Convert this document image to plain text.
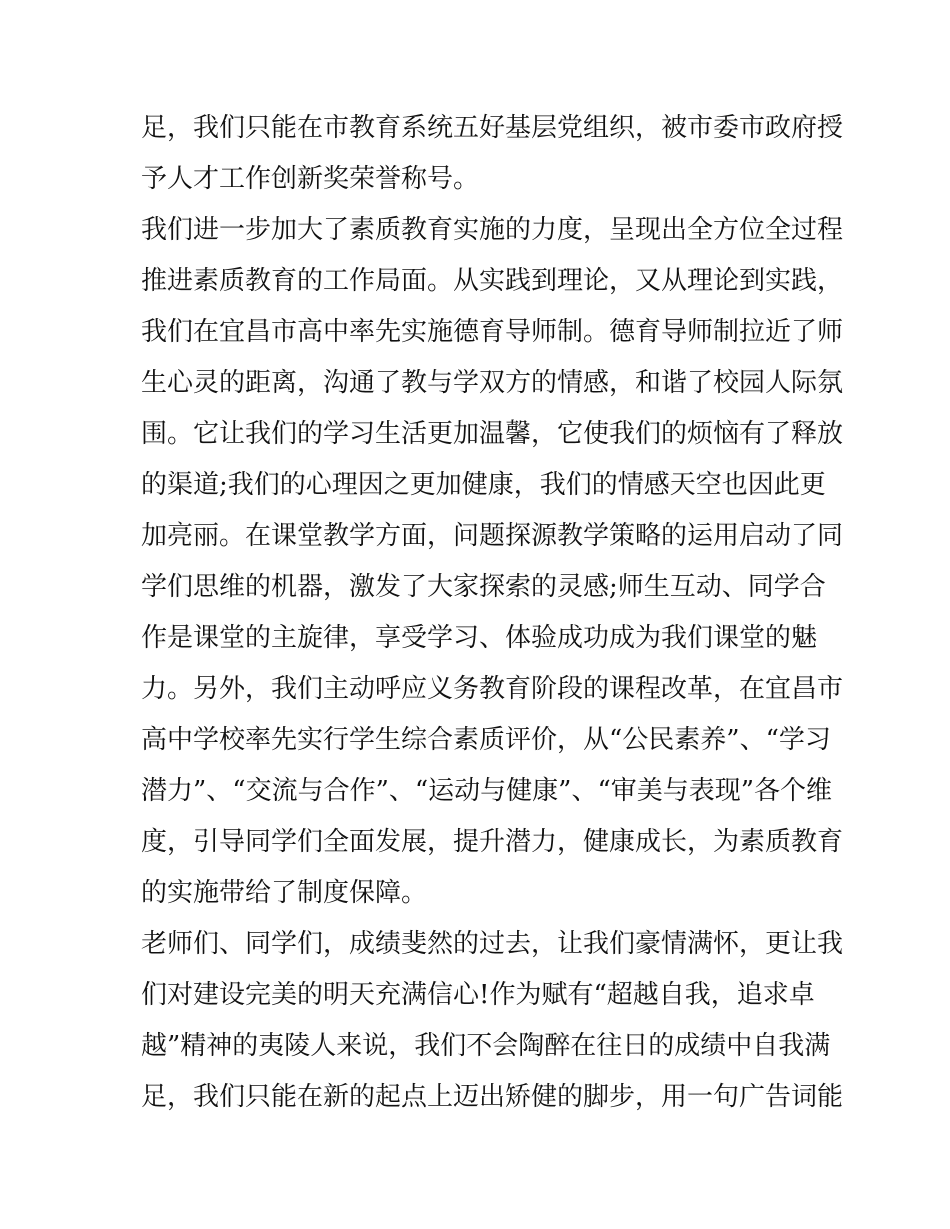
足，我们只能在市教育系统五好基层党组织，被市委市政府授
予人才工作创新奖荣誉称号。
我们进一步加大了素质教育实施的力度，呈现出全方位全过程
推进素质教育的工作局面。从实践到理论，又从理论到实践，
我们在宜昌市高中率先实施德育导师制。德育导师制拉近了师
生心灵的距离，沟通了教与学双方的情感，和谐了校园人际氛
围。它让我们的学习生活更加温馨，它使我们的烦恼有了释放
的渠道;我们的心理因之更加健康，我们的情感天空也因此更
加亮丽。在课堂教学方面，问题探源教学策略的运用启动了同
学们思维的机器，激发了大家探索的灵感;师生互动、同学合
作是课堂的主旋律，享受学习、体验成功成为我们课堂的魅
力。另外，我们主动呼应义务教育阶段的课程改革，在宜昌市
高中学校率先实行学生综合素质评价，从“公民素养”、“学习
潜力”、“交流与合作”、“运动与健康”、“审美与表现”各个维
度，引导同学们全面发展，提升潜力，健康成长，为素质教育
的实施带给了制度保障。
老师们、同学们，成绩斐然的过去，让我们豪情满怀，更让我
们对建设完美的明天充满信心!作为赋有“超越自我，追求卓
越”精神的夷陵人来说，我们不会陶醉在往日的成绩中自我满
足，我们只能在新的起点上迈出矫健的脚步，用一句广告词能
